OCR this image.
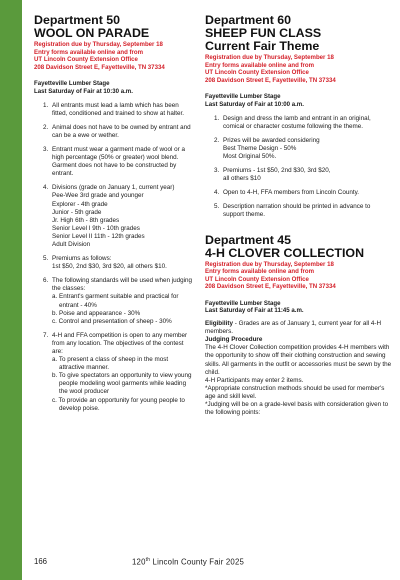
Department 50
WOOL ON PARADE
Registration due by Thursday, September 18
Entry forms available online and from
UT Lincoln County Extension Office
208 Davidson Street E, Fayetteville, TN 37334
Fayetteville Lumber Stage
Last Saturday of Fair at 10:30 a.m.
1. All entrants must lead a lamb which has been fitted, conditioned and trained to show at halter.
2. Animal does not have to be owned by entrant and can be a ewe or wether.
3. Entrant must wear a garment made of wool or a high percentage (50% or greater) wool blend. Garment does not have to be constructed by entrant.
4. Divisions (grade on January 1, current year)
Pee-Wee 3rd grade and younger
Explorer - 4th grade
Junior - 5th grade
Jr. High 6th - 8th grades
Senior Level I 9th - 10th grades
Senior Level II 11th - 12th grades
Adult Division
5. Premiums as follows:
1st $50, 2nd $30, 3rd $20, all others $10.
6. The following standards will be used when judging the classes:
a. Entrant's garment suitable and practical for entrant - 40%
b. Poise and appearance - 30%
c. Control and presentation of sheep - 30%
7. 4-H and FFA competition is open to any member from any location. The objectives of the contest are:
a. To present a class of sheep in the most attractive manner.
b. To give spectators an opportunity to view young people modeling wool garments while leading the wool producer
c. To provide an opportunity for young people to develop poise.
Department 60
SHEEP FUN CLASS
Current Fair Theme
Registration due by Thursday, September 18
Entry forms available online and from
UT Lincoln County Extension Office
208 Davidson Street E, Fayetteville, TN 37334
Fayetteville Lumber Stage
Last Saturday of Fair at 10:00 a.m.
1. Design and dress the lamb and entrant in an original, comical or character costume following the theme.
2. Prizes will be awarded considering
Best Theme Design - 50%
Most Original 50%.
3. Premiums - 1st $50, 2nd $30, 3rd $20,
all others $10
4. Open to 4-H, FFA members from Lincoln County.
5. Description narration should be printed in advance to support theme.
Department 45
4-H CLOVER COLLECTION
Registration due by Thursday, September 18
Entry forms available online and from
UT Lincoln County Extension Office
208 Davidson Street E, Fayetteville, TN 37334
Fayetteville Lumber Stage
Last Saturday of Fair at 11:45 a.m.
Eligibility - Grades are as of January 1, current year for all 4-H members.
Judging Procedure
The 4-H Clover Collection competition provides 4-H members with the opportunity to show off their clothing construction and sewing skills. All garments in the outfit or accessories must be sewn by the child.
4-H Participants may enter 2 items.
*Appropriate construction methods should be used for member's age and skill level.
*Judging will be on a grade-level basis with consideration given to the following points:
166	120th Lincoln County Fair 2025
